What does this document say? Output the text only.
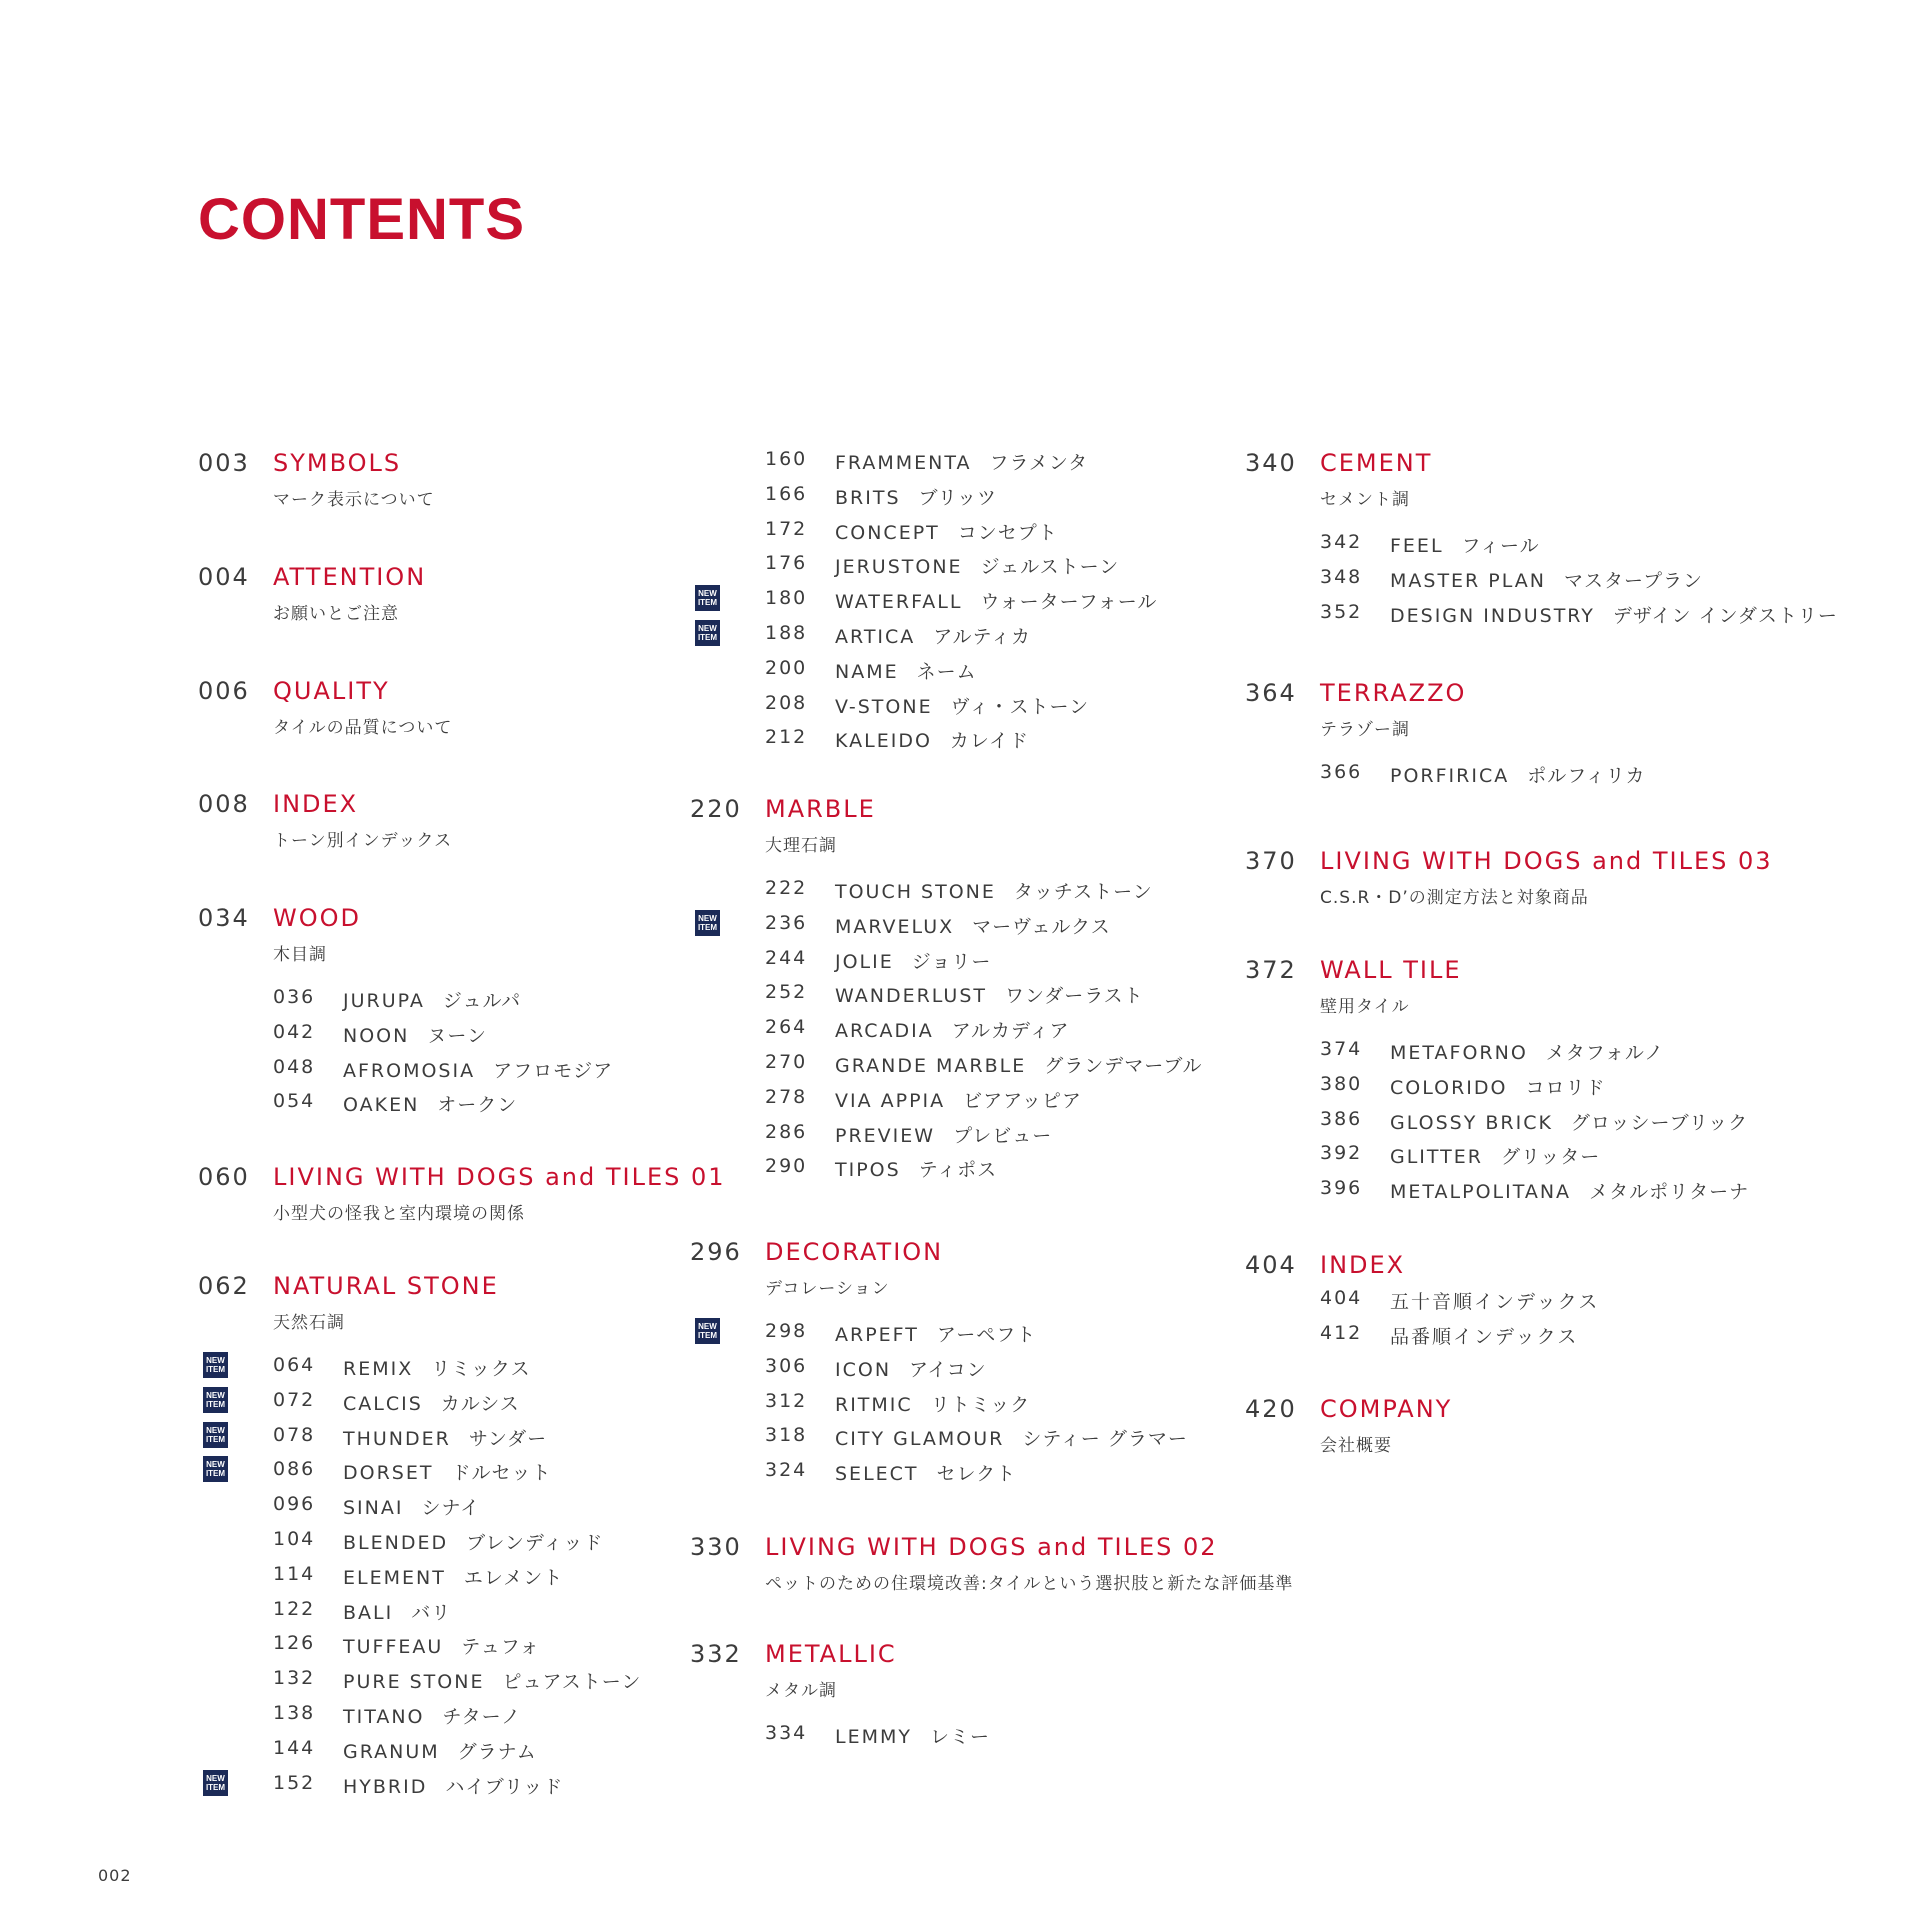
CONTENTS
003 SYMBOLS
マーク表示について
004 ATTENTION
お願いとご注意
006 QUALITY
タイルの品質について
008 INDEX
トーン別インデックス
034 WOOD
木目調
036 JURUPA ジュルパ
042 NOON ヌーン
048 AFROMOSIA アフロモジア
054 OAKEN オークン
060 LIVING WITH DOGS and TILES 01
小型犬の怪我と室内環境の関係
062 NATURAL STONE
天然石調
NEW
ITEM	064 REMIX リミックス
NEW
ITEM	072 CALCIS カルシス
NEW
ITEM	078 THUNDER サンダー
NEW
ITEM	086 DORSET ドルセット
096 SINAI シナイ
104 BLENDED ブレンディッド
114 ELEMENT エレメント
122 BALI バリ
126 TUFFEAU テュフォ
132 PURE STONE ピュアストーン
138 TITANO チターノ
144 GRANUM グラナム
NEW
ITEM	152 HYBRID ハイブリッド
160 FRAMMENTA フラメンタ
166 BRITS ブリッツ
172 CONCEPT コンセプト
176 JERUSTONE ジェルストーン
NEW
ITEM	180 WATERFALL ウォーターフォール
NEW
ITEM	188 ARTICA アルティカ
200 NAME ネーム
208 V-STONE ヴィ・ストーン
212 KALEIDO カレイド
220 MARBLE
大理石調
222 TOUCH STONE タッチストーン
NEW
ITEM	236 MARVELUX マーヴェルクス
244 JOLIE ジョリー
252 WANDERLUST ワンダーラスト
264 ARCADIA アルカディア
270 GRANDE MARBLE グランデマーブル
278 VIA APPIA ビアアッピア
286 PREVIEW プレビュー
290 TIPOS ティポス
296 DECORATION
デコレーション
NEW
ITEM	298 ARPEFT アーペフト
306 ICON アイコン
312 RITMIC リトミック
318 CITY GLAMOUR シティー グラマー
324 SELECT セレクト
330 LIVING WITH DOGS and TILES 02
ペットのための住環境改善:タイルという選択肢と新たな評価基準
332 METALLIC
メタル調
334 LEMMY レミー
340 CEMENT
セメント調
342 FEEL フィール
348 MASTER PLAN マスタープラン
352 DESIGN INDUSTRY デザイン インダストリー
364 TERRAZZO
テラゾー調
366 PORFIRICA ポルフィリカ
370 LIVING WITH DOGS and TILES 03
C.S.R・D’の測定方法と対象商品
372 WALL TILE
壁用タイル
374 METAFORNO メタフォルノ
380 COLORIDO コロリド
386 GLOSSY BRICK グロッシーブリック
392 GLITTER グリッター
396 METALPOLITANA メタルポリターナ
404 INDEX
404 五十音順インデックス
412 品番順インデックス
420 COMPANY
会社概要
002
